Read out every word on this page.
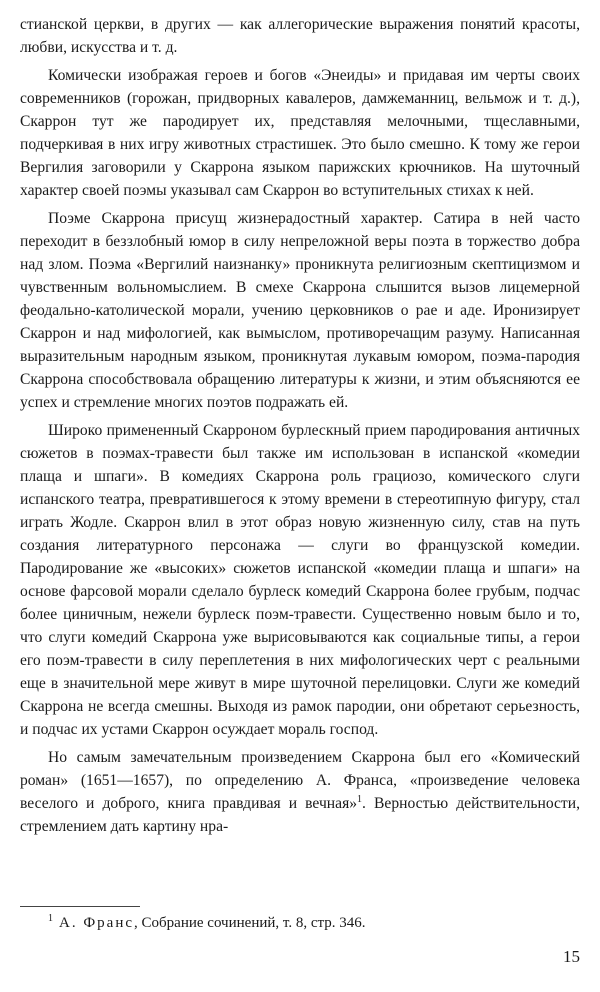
стианской церкви, в других — как аллегорические выражения понятий красоты, любви, искусства и т. д.

Комически изображая героев и богов «Энеиды» и придавая им черты своих современников (горожан, придворных кавалеров, дамжеманниц, вельмож и т. д.), Скаррон тут же пародирует их, представляя мелочными, тщеславными, подчеркивая в них игру животных страстишек. Это было смешно. К тому же герои Вергилия заговорили у Скаррона языком парижских крючников. На шуточный характер своей поэмы указывал сам Скаррон во вступительных стихах к ней.

Поэме Скаррона присущ жизнерадостный характер. Сатира в ней часто переходит в беззлобный юмор в силу непреложной веры поэта в торжество добра над злом. Поэма «Вергилий наизнанку» проникнута религиозным скептицизмом и чувственным вольномыслием. В смехе Скаррона слышится вызов лицемерной феодально-католической морали, учению церковников о рае и аде. Иронизирует Скаррон и над мифологией, как вымыслом, противоречащим разуму. Написанная выразительным народным языком, проникнутая лукавым юмором, поэма-пародия Скаррона способствовала обращению литературы к жизни, и этим объясняются ее успех и стремление многих поэтов подражать ей.

Широко примененный Скарроном бурлескный прием пародирования античных сюжетов в поэмах-травести был также им использован в испанской «комедии плаща и шпаги». В комедиях Скаррона роль грациозо, комического слуги испанского театра, превратившегося к этому времени в стереотипную фигуру, стал играть Жодле. Скаррон влил в этот образ новую жизненную силу, став на путь создания литературного персонажа — слуги во французской комедии. Пародирование же «высоких» сюжетов испанской «комедии плаща и шпаги» на основе фарсовой морали сделало бурлеск комедий Скаррона более грубым, подчас более циничным, нежели бурлеск поэм-травести. Существенно новым было и то, что слуги комедий Скаррона уже вырисовываются как социальные типы, а герои его поэм-травести в силу переплетения в них мифологических черт с реальными еще в значительной мере живут в мире шуточной перелицовки. Слуги же комедий Скаррона не всегда смешны. Выходя из рамок пародии, они обретают серьезность, и подчас их устами Скаррон осуждает мораль господ.

Но самым замечательным произведением Скаррона был его «Комический роман» (1651—1657), по определению А. Франса, «произведение человека веселого и доброго, книга правдивая и вечная»$^1$. Верностью действительности, стремлением дать картину нра-

$^1$ А. Франс, Собрание сочинений, т. 8, стр. 346.

15
